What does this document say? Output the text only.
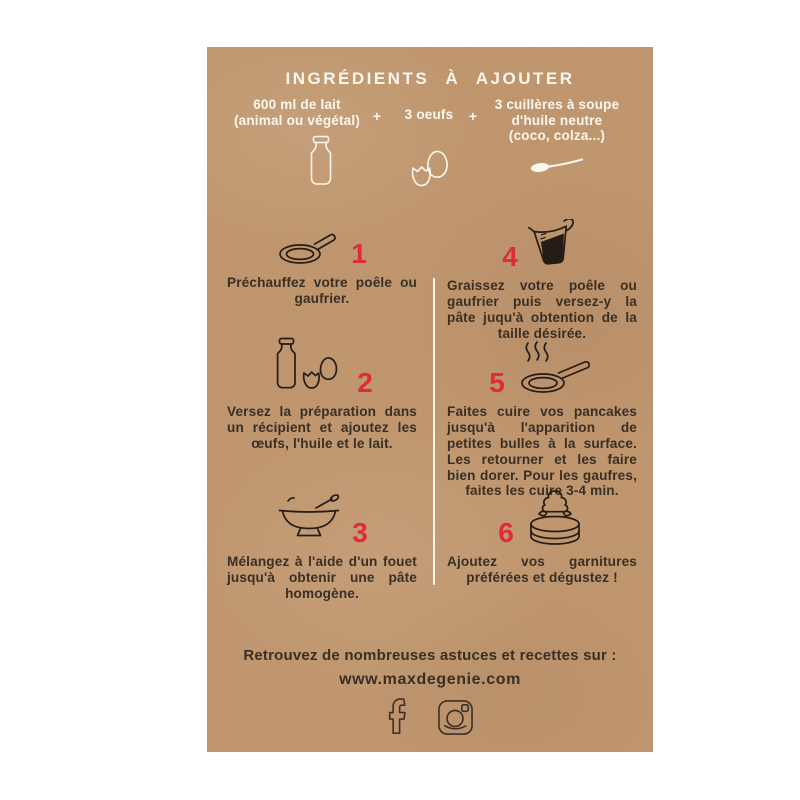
INGRÉDIENTS À AJOUTER
600 ml de lait
(animal ou végétal) +	3 oeufs	+
3 cuillères à soupe
d'huile neutre
(coco, colza...)
1
Préchauffez votre poêle ou gaufrier.
2
Versez la préparation dans un récipient et ajoutez les œufs, l'huile et le lait.
3
Mélangez à l'aide d'un fouet jusqu'à obtenir une pâte homogène.
4
Graissez votre poêle ou gaufrier puis versez-y la pâte juqu'à obtention de la taille désirée.
5
Faites cuire vos pancakes jusqu'à l'apparition de petites bulles à la surface. Les retourner et les faire bien dorer. Pour les gaufres, faites les cuire 3-4 min.
6
Ajoutez vos garnitures préférées et dégustez !
Retrouvez de nombreuses astuces et recettes sur :
www.maxdegenie.com
